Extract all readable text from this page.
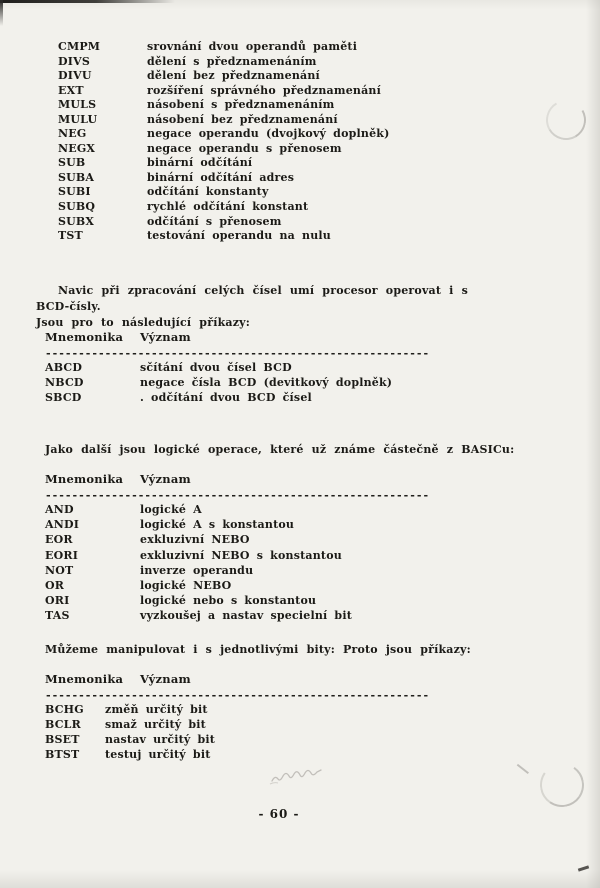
CMPM	srovnání dvou operandů paměti
DIVS	dělení s předznamenáním
DIVU	dělení bez předznamenání
EXT	rozšíření správného předznamenání
MULS	násobení s předznamenáním
MULU	násobení bez předznamenání
NEG	negace operandu (dvojkový doplněk)
NEGX	negace operandu s přenosem
SUB	binární odčítání
SUBA	binární odčítání adres
SUBI	odčítání konstanty
SUBQ	rychlé odčítání konstant
SUBX	odčítání s přenosem
TST	testování operandu na nulu
Navic při zpracování celých čísel umí procesor operovat i s BCD-čísly.
Jsou pro to následující příkazy:
Mnemonika	Význam
----------------------------------------------------------
ABCD	sčítání dvou čísel BCD
NBCD	negace čísla BCD (devitkový doplněk)
SBCD	. odčítání dvou BCD čísel
Jako další jsou logické operace, které už známe částečně z BASICu:
Mnemonika	Význam
----------------------------------------------------------
AND	logické A
ANDI	logické A s konstantou
EOR	exkluzivní NEBO
EORI	exkluzivní NEBO s konstantou
NOT	inverze operandu
OR	logické NEBO
ORI	logické nebo s konstantou
TAS	vyzkoušej a nastav specielní bit
Můžeme manipulovat i s jednotlivými bity: Proto jsou příkazy:
Mnemonika	Význam
----------------------------------------------------------
BCHG	změň určitý bit
BCLR	smaž určitý bit
BSET	nastav určitý bit
BTST	testuj určitý bit
- 60 -
